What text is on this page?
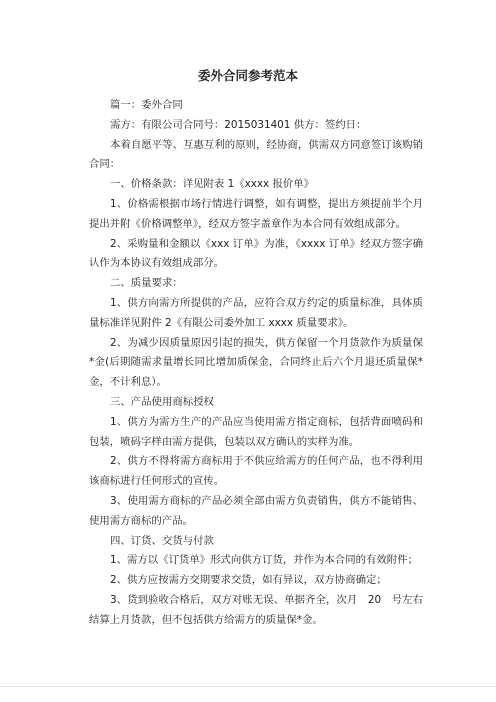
委外合同参考范本

篇一：委外合同

需方：有限公司合同号：2015031401 供方：签约日：

本着自愿平等、互惠互利的原则，经协商，供需双方同意签订该购销合同：

一、价格条款：详见附表 1《xxxx 报价单》

1、价格需根据市场行情进行调整，如有调整，提出方须提前半个月提出并附《价格调整单》，经双方签字盖章作为本合同有效组成部分。

2、采购量和金额以《xxx 订单》为准，《xxxx 订单》经双方签字确认作为本协议有效组成部分。

二、质量要求：

1、供方向需方所提供的产品，应符合双方约定的质量标准，具体质量标准详见附件 2《有限公司委外加工 xxxx 质量要求》。

2、为减少因质量原因引起的损失，供方保留一个月货款作为质量保*金(后期随需求量增长同比增加质保金，合同终止后六个月退还质量保*金，不计利息）。

三、产品使用商标授权

1、供方为需方生产的产品应当使用需方指定商标，包括背面喷码和包装，喷码字样由需方提供，包装以双方确认的实样为准。

2、供方不得将需方商标用于不供应给需方的任何产品，也不得利用该商标进行任何形式的宣传。

3、使用需方商标的产品必须全部由需方负责销售，供方不能销售、使用需方商标的产品。

四、订货、交货与付款

1、需方以《订货单》形式向供方订货，并作为本合同的有效附件；

2、供方应按需方交期要求交货，如有异议，双方协商确定；

3、货到验收合格后，双方对账无误、单据齐全，次月　20　号左右结算上月货款，但不包括供方给需方的质量保*金。
